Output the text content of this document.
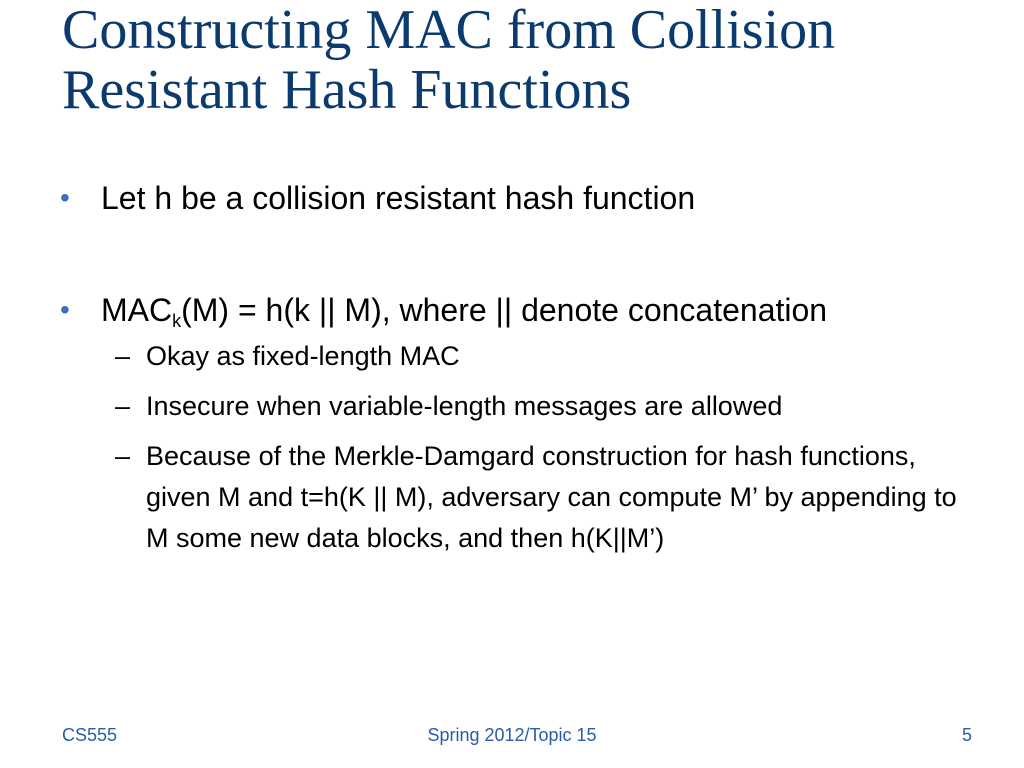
Constructing MAC from Collision
Resistant Hash Functions

• Let h be a collision resistant hash function

• $MAC_k(M) = h(k$ || M), where || denote concatenation

– Okay as fixed-length MAC

– Insecure when variable-length messages are allowed

– Because of the Merkle-Damgard construction for hash functions, given M and t=h(K || M), adversary can compute M’ by appending to M some new data blocks, and then h(K||M’)

CS555	Spring 2012/Topic 15	5
